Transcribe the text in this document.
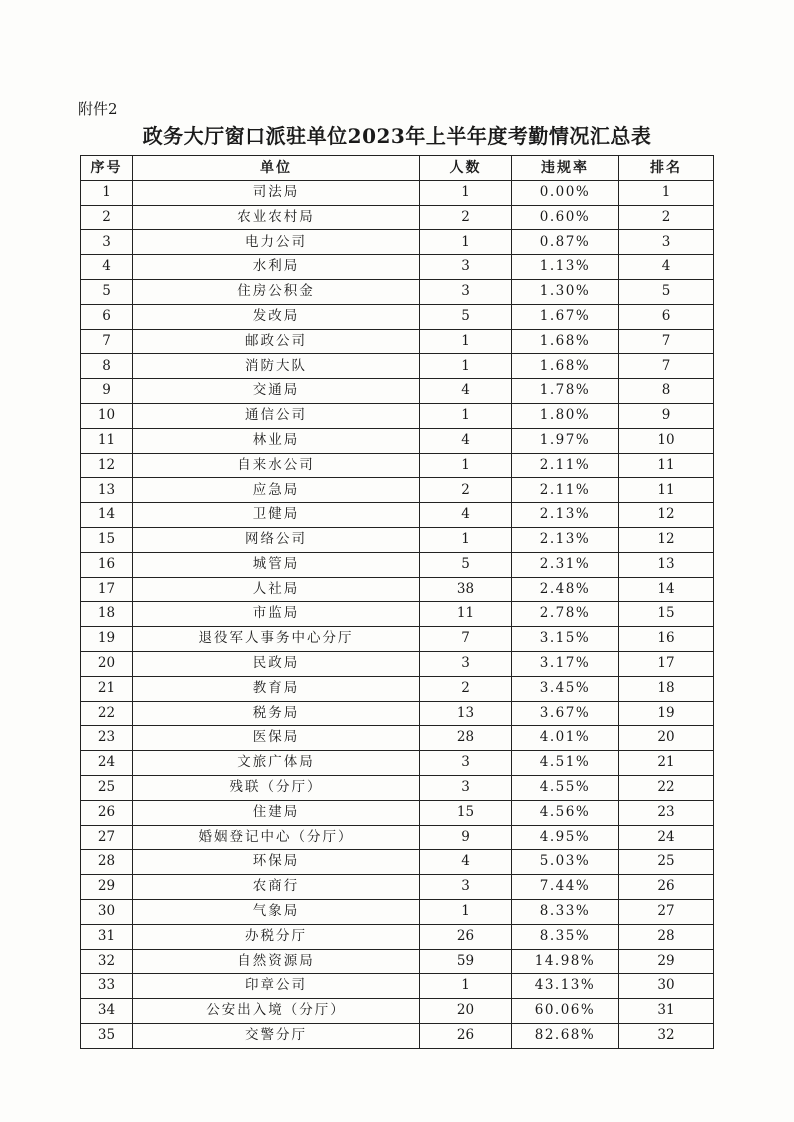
附件2
政务大厅窗口派驻单位2023年上半年度考勤情况汇总表
序号	单位	人数	违规率	排名
1	司法局	1	0.00%	1
2	农业农村局	2	0.60%	2
3	电力公司	1	0.87%	3
4	水利局	3	1.13%	4
5	住房公积金	3	1.30%	5
6	发改局	5	1.67%	6
7	邮政公司	1	1.68%	7
8	消防大队	1	1.68%	7
9	交通局	4	1.78%	8
10	通信公司	1	1.80%	9
11	林业局	4	1.97%	10
12	自来水公司	1	2.11%	11
13	应急局	2	2.11%	11
14	卫健局	4	2.13%	12
15	网络公司	1	2.13%	12
16	城管局	5	2.31%	13
17	人社局	38	2.48%	14
18	市监局	11	2.78%	15
19	退役军人事务中心分厅	7	3.15%	16
20	民政局	3	3.17%	17
21	教育局	2	3.45%	18
22	税务局	13	3.67%	19
23	医保局	28	4.01%	20
24	文旅广体局	3	4.51%	21
25	残联（分厅）	3	4.55%	22
26	住建局	15	4.56%	23
27	婚姻登记中心（分厅）	9	4.95%	24
28	环保局	4	5.03%	25
29	农商行	3	7.44%	26
30	气象局	1	8.33%	27
31	办税分厅	26	8.35%	28
32	自然资源局	59	14.98%	29
33	印章公司	1	43.13%	30
34	公安出入境（分厅）	20	60.06%	31
35	交警分厅	26	82.68%	32
